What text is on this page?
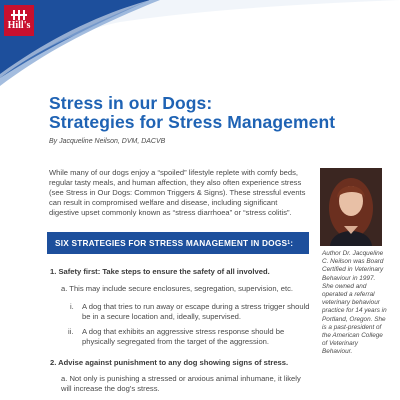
Hill's
Stress in our Dogs:
Strategies for Stress Management
By Jacqueline Neilson, DVM, DACVB

While many of our dogs enjoy a “spoiled” lifestyle replete with comfy beds, regular tasty meals, and human affection, they also often experience stress (see Stress in Our Dogs: Common Triggers & Signs). These stressful events can result in compromised welfare and disease, including significant digestive upset commonly known as “stress diarrhoea” or “stress colitis”.

Author Dr. Jacqueline C. Neilson was Board Certified in Veterinary Behaviour in 1997. She owned and operated a referral veterinary behaviour practice for 14 years in Portland, Oregon. She is a past-president of the American College of Veterinary Behaviour.

SIX STRATEGIES FOR STRESS MANAGEMENT IN DOGS 1 :
1. Safety first: Take steps to ensure the safety of all involved.
a. This may include secure enclosures, segregation, supervision, etc.
i. A dog that tries to run away or escape during a stress trigger should be in a secure location and, ideally, supervised.
ii. A dog that exhibits an aggressive stress response should be physically segregated from the target of the aggression.
2. Advise against punishment to any dog showing signs of stress.
a. Not only is punishing a stressed or anxious animal inhumane, it likely will increase the dog’s stress.
